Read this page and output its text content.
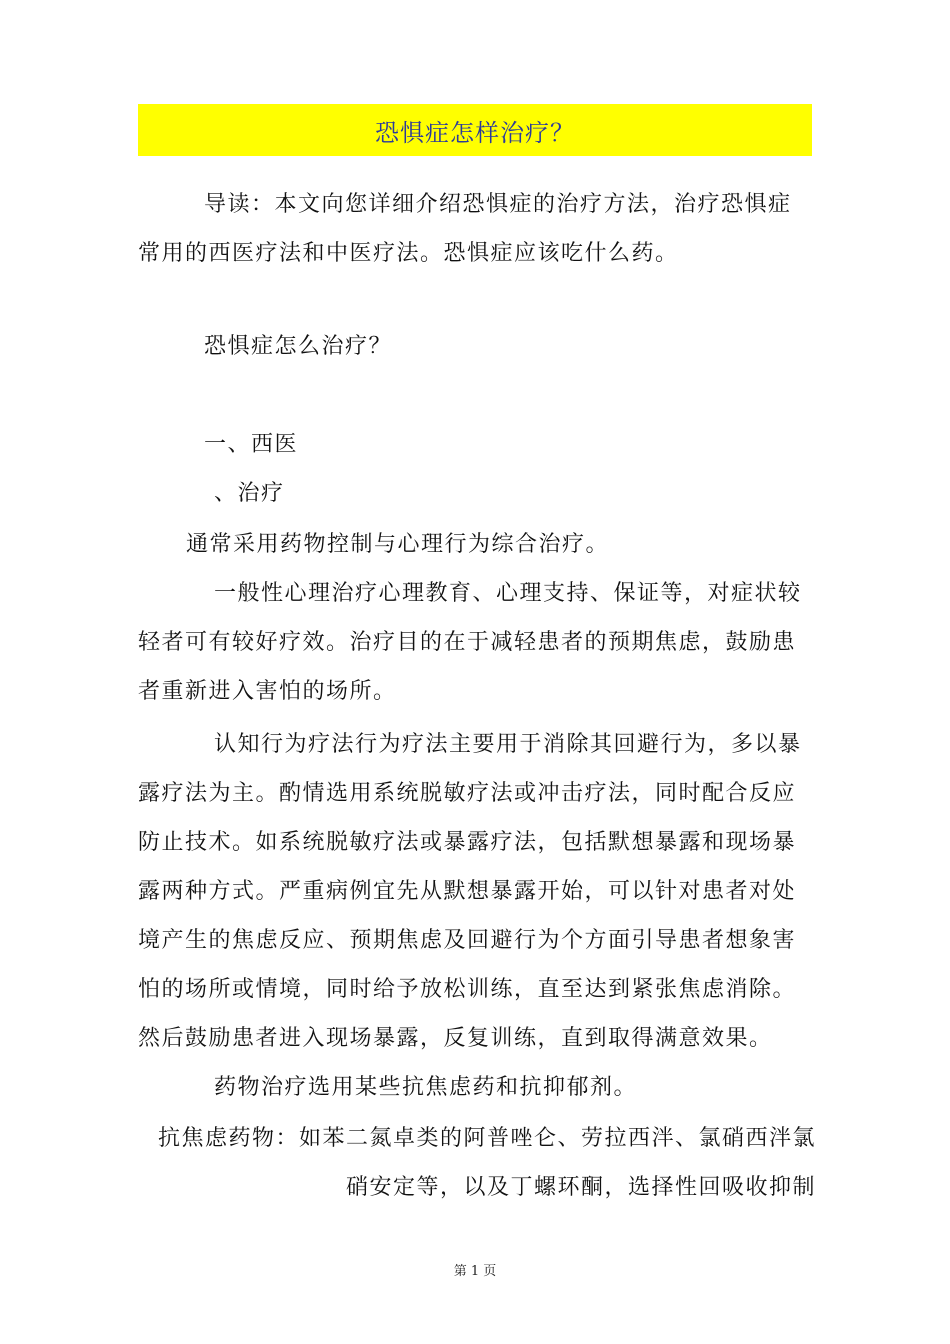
恐惧症怎样治疗？
导读：本文向您详细介绍恐惧症的治疗方法，治疗恐惧症常用的西医疗法和中医疗法。恐惧症应该吃什么药。
恐惧症怎么治疗？
一、西医
、治疗
通常采用药物控制与心理行为综合治疗。
一般性心理治疗心理教育、心理支持、保证等，对症状较轻者可有较好疗效。治疗目的在于减轻患者的预期焦虑，鼓励患者重新进入害怕的场所。
认知行为疗法行为疗法主要用于消除其回避行为，多以暴露疗法为主。酌情选用系统脱敏疗法或冲击疗法，同时配合反应防止技术。如系统脱敏疗法或暴露疗法，包括默想暴露和现场暴露两种方式。严重病例宜先从默想暴露开始，可以针对患者对处境产生的焦虑反应、预期焦虑及回避行为个方面引导患者想象害怕的场所或情境，同时给予放松训练，直至达到紧张焦虑消除。然后鼓励患者进入现场暴露，反复训练，直到取得满意效果。
药物治疗选用某些抗焦虑药和抗抑郁剂。
抗焦虑药物：如苯二氮卓类的阿普唑仑、劳拉西泮、氯硝西泮氯
硝安定等，以及丁螺环酮，选择性回吸收抑制
第 1 页
